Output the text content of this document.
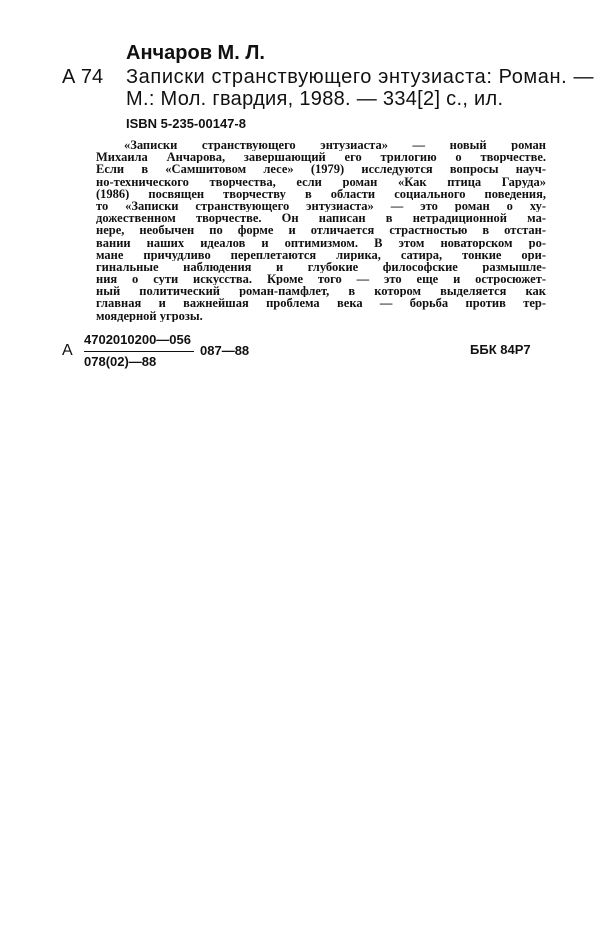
Анчаров М. Л.
А 74 Записки странствующего энтузиаста: Роман. —
М.: Мол. гвардия, 1988. — 334[2] с., ил.
ISBN 5-235-00147-8
«Записки странствующего энтузиаста» — новый роман
Михаила Анчарова, завершающий его трилогию о творчестве.
Если в «Самшитовом лесе» (1979) исследуются вопросы науч-
но-технического творчества, если роман «Как птица Гаруда»
(1986) посвящен творчеству в области социального поведения,
то «Записки странствующего энтузиаста» — это роман о ху-
дожественном творчестве. Он написан в нетрадиционной ма-
нере, необычен по форме и отличается страстностью в отстан-
вании наших идеалов и оптимизмом. В этом новаторском ро-
мане причудливо переплетаются лирика, сатира, тонкие ори-
гинальные наблюдения и глубокие философские размышле-
ния о сути искусства. Кроме того — это еще и остросюжет-
ный политический роман-памфлет, в котором выделяется как
главная и важнейшая проблема века — борьба против тер-
моядерной угрозы.
А
4702010200—056
078(02)—88
087—88	ББК 84Р7
